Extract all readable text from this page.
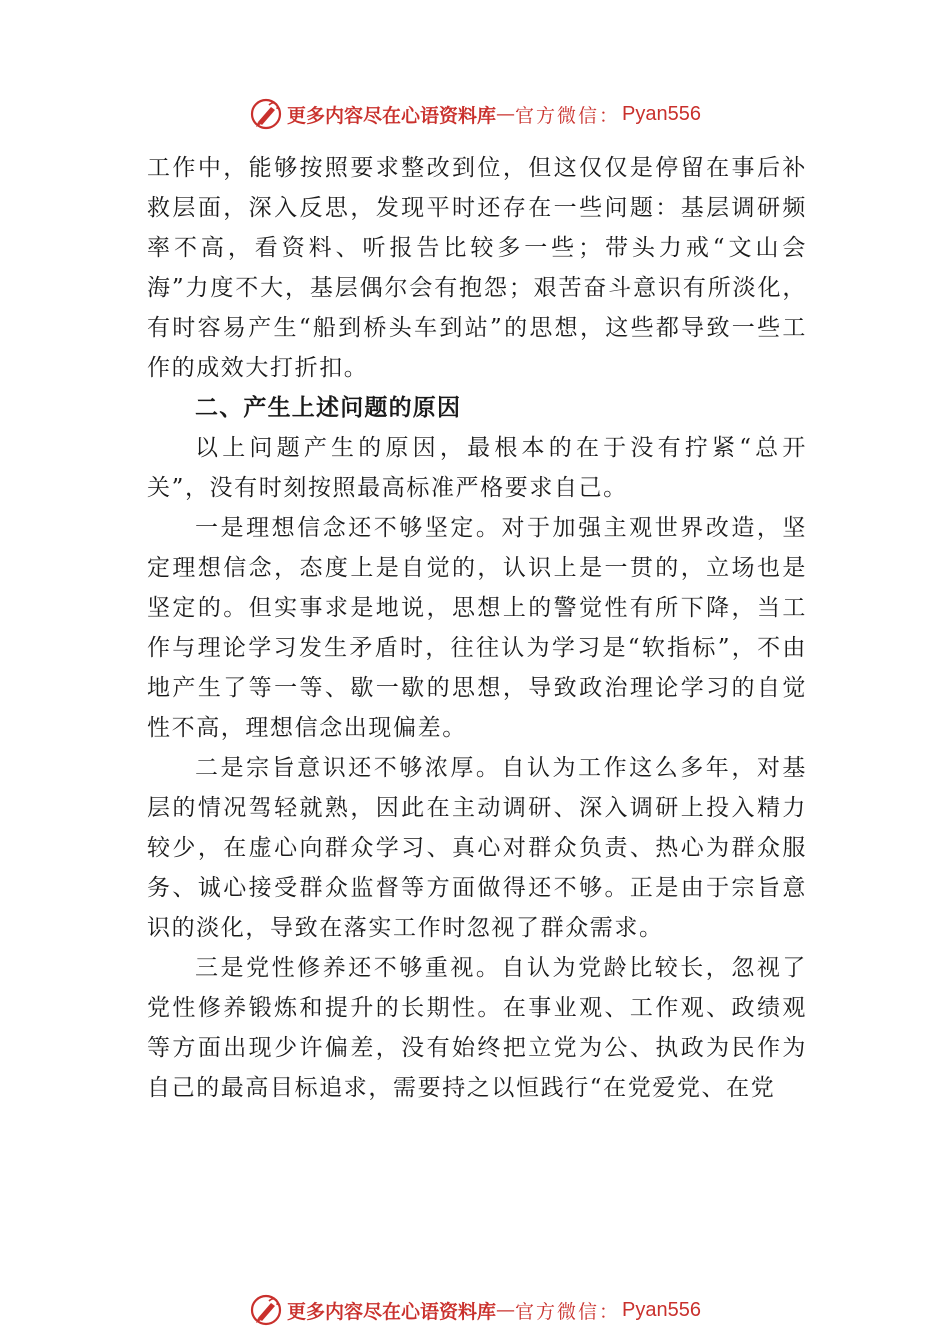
更多内容尽在心语资料库 — 官方微信： Pyan556

工作中，能够按照要求整改到位，但这仅仅是停留在事后补救层面，深入反思，发现平时还存在一些问题：基层调研频率不高，看资料、听报告比较多一些；带头力戒“文山会海”力度不大，基层偶尔会有抱怨；艰苦奋斗意识有所淡化，有时容易产生“船到桥头车到站”的思想，这些都导致一些工作的成效大打折扣。

二、产生上述问题的原因

以上问题产生的原因，最根本的在于没有拧紧“总开关”，没有时刻按照最高标准严格要求自己。

一是理想信念还不够坚定。对于加强主观世界改造，坚定理想信念，态度上是自觉的，认识上是一贯的，立场也是坚定的。但实事求是地说，思想上的警觉性有所下降，当工作与理论学习发生矛盾时，往往认为学习是“软指标”，不由地产生了等一等、歇一歇的思想，导致政治理论学习的自觉性不高，理想信念出现偏差。

二是宗旨意识还不够浓厚。自认为工作这么多年，对基层的情况驾轻就熟，因此在主动调研、深入调研上投入精力较少，在虚心向群众学习、真心对群众负责、热心为群众服务、诚心接受群众监督等方面做得还不够。正是由于宗旨意识的淡化，导致在落实工作时忽视了群众需求。

三是党性修养还不够重视。自认为党龄比较长，忽视了党性修养锻炼和提升的长期性。在事业观、工作观、政绩观等方面出现少许偏差，没有始终把立党为公、执政为民作为自己的最高目标追求，需要持之以恒践行“在党爱党、在党

更多内容尽在心语资料库 — 官方微信： Pyan556
